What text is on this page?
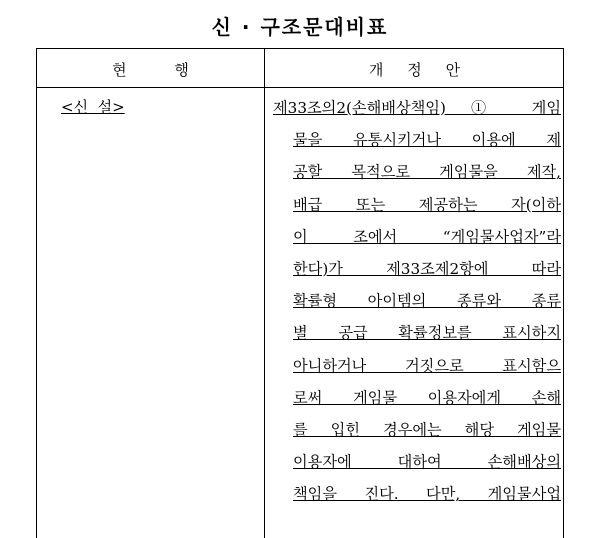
신 · 구조문대비표
현          행	개     정     안
<신  설>	제33조의2(손해배상책임) ① 게임
물을 유통시키거나 이용에 제
공할 목적으로 게임물을 제작,
배급 또는 제공하는 자(이하
이 조에서 “게임물사업자”라
한다)가 제33조제2항에 따라
확률형 아이템의 종류와 종류
별 공급 확률정보를 표시하지
아니하거나 거짓으로 표시함으
로써 게임물 이용자에게 손해
를 입힌 경우에는 해당 게임물
이용자에 대하여 손해배상의
책임을 진다. 다만, 게임물사업
